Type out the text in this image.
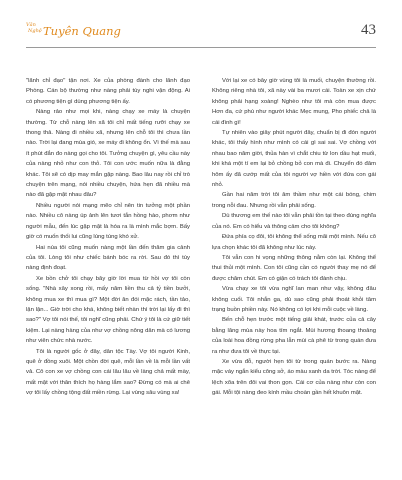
Văn
Nghệ Tuyên Quang	43

"lãnh chỉ đạo" tận nơi. Xe của phòng đành cho lãnh đạo Phòng. Cán bộ thường như nàng phải tùy nghi vận động. Ai có phương tiện gì dùng phương tiện ấy.

Nàng rảo như mọi khi, nàng chạy xe máy là chuyện thường. Từ chỗ nàng lên xã tôi chỉ mất tiếng rưỡi chạy xe thong thả. Nàng đi nhiều xã, nhưng lên chỗ tôi thì chưa lần nào. Trời lại đang mùa gió, xe máy đi không ổn. Vì thế mà sau ít phút đắn đo nàng gọi cho tôi. Tưởng chuyện gì, yêu cầu này của nàng nhỏ như con thỏ. Tôi con ước muốn nữa là đằng khác. Tôi sẽ có dịp may mắn gặp nàng. Bao lâu nay rồi chỉ trò chuyện trên mạng, nói nhiều chuyện, hứa hẹn đã nhiều mà nào đã gặp mặt nhau đâu?

Nhiều người nói mạng mẽo chỉ nên tin tưởng một phần nào. Nhiều cô nàng úp ảnh lên tươi tắn hồng hào, phơm như người mẫu, đến lúc gặp mặt là hóa ra là mình mắc bợm. Bấy giờ có muốn thối lui cũng lúng túng khó xử.

Hai núa tôi cũng muốn nàng một lần đến thăm gia cảnh của tôi. Lòng tôi như chiếc bánh bóc ra rời. Sau đó thì tùy nàng định đoạt.

Xe bồn chở tôi chạy bây giờ lời mua từ hồi vợ tôi còn sống. "Nhà xây xong rồi, mấy năm liền thu cả tỷ tiền bưởi, không mua xe thì mua gì? Một đời ăn đói mặc rách, tần tảo, lận lận... Giờ trời cho khá, không biết nhàn thì trời lại lấy đi thì sao?" Vợ tôi nói thế, tôi nghĩ cũng phải. Chứ ý tôi là cứ giữ tiết kiệm. Lại nàng hàng của như vợ chồng nông dân mà có lương như viên chức nhà nước.

Tôi là người gốc ở đây, dân tộc Tày. Vợ tôi người Kinh, quê ở đồng xuôi. Một chồn đời quê, mỗi lần về là mỗi lần vất vả. Cô con xe vợ chồng con cái lâu lâu về làng chả mất mày, mất mặt với thân thích họ hàng lắm sao? Đừng có mà ai chê vợ tôi lấy chồng tộng đất miền rừng. Lại vùng sâu vùng xa!

Với lại xe có bây giờ vùng tôi là muối, chuyện thường rồi. Không riêng nhà tôi, xã này vài ba mươi cái. Toàn xe xịn chứ không phải hạng xoàng! Nghèo như tôi mà còn mua được Hơn đa, cứ phú như người khác Mẹc mung, Pho phiếc chả là cái đình gì!

Tự nhiên vào giây phút người đây, chuẩn bị đi đón người khác, tôi thấy hình như mình có cái gì sai sai. Vợ chồng với nhau bao năm giời, thủa hàn vì chắt chiu từ lon dầu hạt muối, khi khá một tí em lại bỏ chồng bỏ con mà đi. Chuyển đó đâm hôm ấy đã cướp mất của tôi người vợ hiền với đứa con gái nhỏ.

Gần hai năm trời tôi âm thầm như một cái bóng, chim trong nỗi đau. Nhưng rồi vẫn phải sống.

Dù thương em thế nào tôi vẫn phải tồn tại theo đúng nghĩa của nó. Em có hiểu và thông cảm cho tôi không?

Đứa phía cọ đôi, tôi không thể sống mãi một mình. Nếu cô lựa chọn khác tôi đã không như lúc này.

Tôi vẫn con hi vọng những thông nằm còn lại. Không thể thui thủi một mình. Con tôi cũng cần có người thay mẹ nó để được chăm chút. Em có giận có trách tôi đành chịu.

Vừa chạy xe tôi vừa nghĩ lan man như vậy, không đâu không cuối. Tôi nhắn ga, dù sao cũng phải thoát khỏi tâm trạng buồn phiền này. Nó không có lợi khi mỗi cuộc về làng.

Bến chỗ hẹn trước một tiếng giải khát, trước của cả cây bằng lăng mùa này hoa tím ngắt. Mùi hương thoang thoảng của loài hoa đồng rừng pha lẫn mùi cà phê từ trong quán đưa ra như đưa tôi về thực tại.

Xe vừa đỗ, người hẹn tôi từ trong quán bước ra. Nàng mặc váy ngắn kiểu công sở, áo màu xanh da trời. Tóc nàng để lệch xõa trên đôi vai thon gọn. Cái cơ của nàng như còn con gái. Mỗi tội nàng đeo kính mầu choàn gần hết khuôn mặt.
